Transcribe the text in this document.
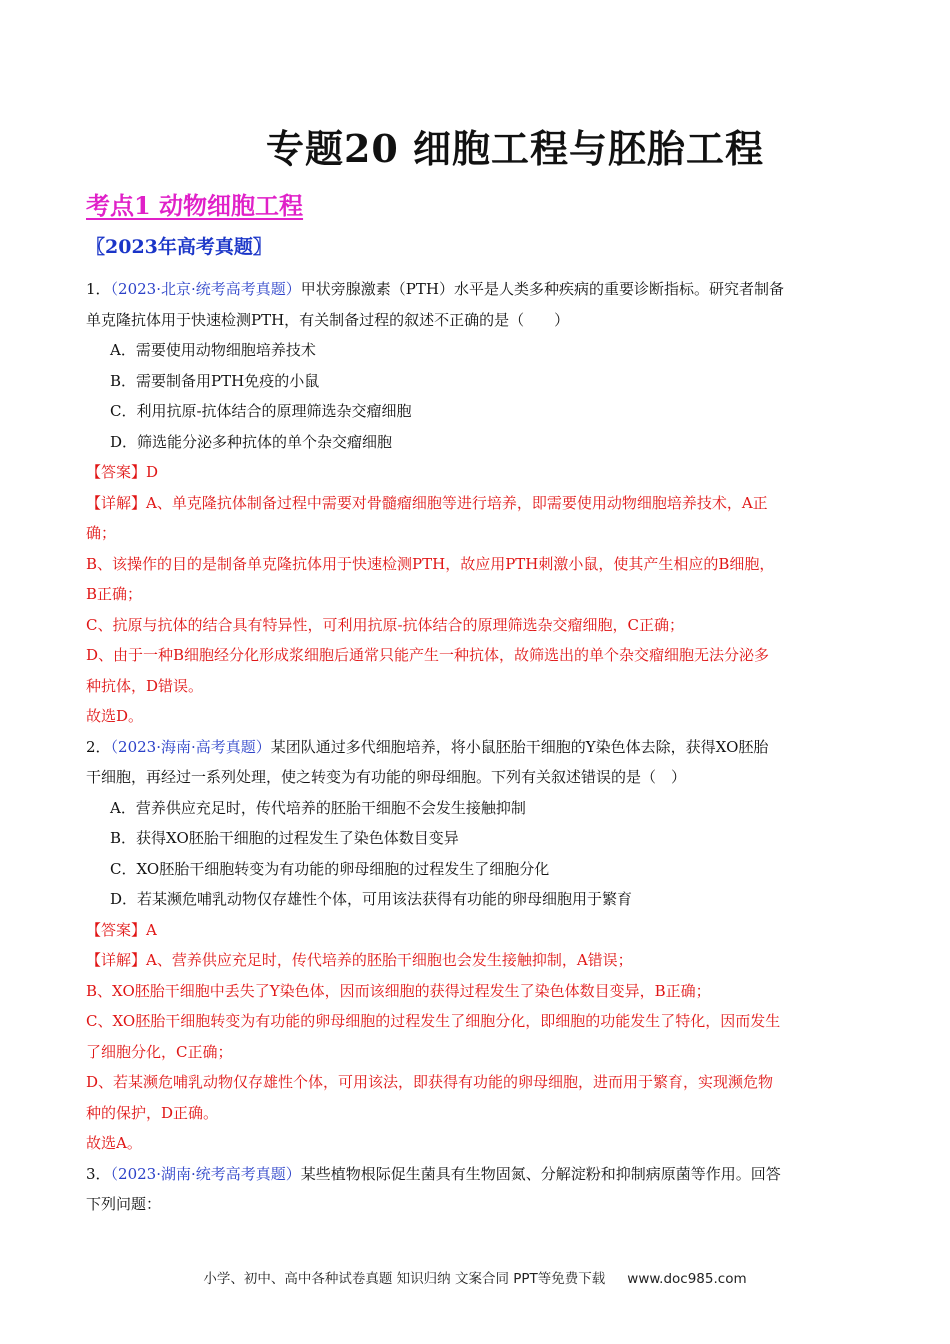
专题20 细胞工程与胚胎工程
考点1 动物细胞工程
〖2023年高考真题〗
1．（2023·北京·统考高考真题）甲状旁腺激素（PTH）水平是人类多种疾病的重要诊断指标。研究者制备
单克隆抗体用于快速检测PTH，有关制备过程的叙述不正确的是（　　）
A．需要使用动物细胞培养技术
B．需要制备用PTH免疫的小鼠
C．利用抗原-抗体结合的原理筛选杂交瘤细胞
D．筛选能分泌多种抗体的单个杂交瘤细胞
【答案】D
【详解】A、单克隆抗体制备过程中需要对骨髓瘤细胞等进行培养，即需要使用动物细胞培养技术，A正
确；
B、该操作的目的是制备单克隆抗体用于快速检测PTH，故应用PTH刺激小鼠，使其产生相应的B细胞，
B正确；
C、抗原与抗体的结合具有特异性，可利用抗原-抗体结合的原理筛选杂交瘤细胞，C正确；
D、由于一种B细胞经分化形成浆细胞后通常只能产生一种抗体，故筛选出的单个杂交瘤细胞无法分泌多
种抗体，D错误。
故选D。
2．（2023·海南·高考真题）某团队通过多代细胞培养，将小鼠胚胎干细胞的Y染色体去除，获得XO胚胎
干细胞，再经过一系列处理，使之转变为有功能的卵母细胞。下列有关叙述错误的是（　）
A．营养供应充足时，传代培养的胚胎干细胞不会发生接触抑制
B．获得XO胚胎干细胞的过程发生了染色体数目变异
C．XO胚胎干细胞转变为有功能的卵母细胞的过程发生了细胞分化
D．若某濒危哺乳动物仅存雄性个体，可用该法获得有功能的卵母细胞用于繁育
【答案】A
【详解】A、营养供应充足时，传代培养的胚胎干细胞也会发生接触抑制，A错误；
B、XO胚胎干细胞中丢失了Y染色体，因而该细胞的获得过程发生了染色体数目变异，B正确；
C、XO胚胎干细胞转变为有功能的卵母细胞的过程发生了细胞分化，即细胞的功能发生了特化，因而发生
了细胞分化，C正确；
D、若某濒危哺乳动物仅存雄性个体，可用该法，即获得有功能的卵母细胞，进而用于繁育，实现濒危物
种的保护，D正确。
故选A。
3．（2023·湖南·统考高考真题）某些植物根际促生菌具有生物固氮、分解淀粉和抑制病原菌等作用。回答
下列问题：
小学、初中、高中各种试卷真题 知识归纳 文案合同 PPT等免费下载 www.doc985.com
